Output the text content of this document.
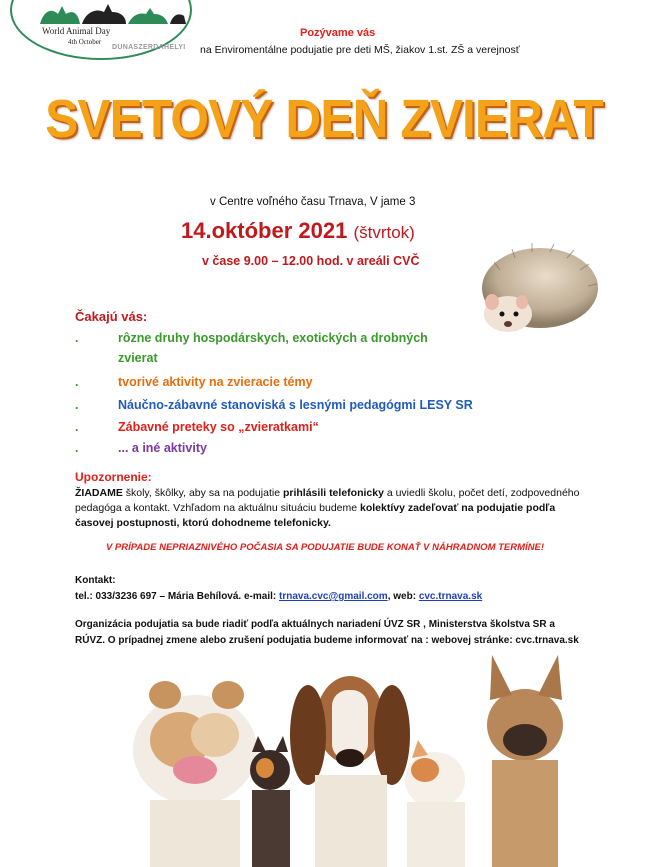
World Animal Day
4th October
DUNASZERDAHELYI
Pozývame vás
na Enviromentálne podujatie pre deti MŠ, žiakov 1.st. ZŠ a verejnosť
SVETOVÝ DEŇ ZVIERAT
v Centre voľného času Trnava, V jame 3
14.október 2021 (štvrtok)
v čase 9.00 – 12.00 hod. v areáli CVČ
Čakajú vás:
.	rôzne druhy hospodárskych, exotických a drobných
zvierat
.	tvorivé aktivity na zvieracie témy
.	Náučno-zábavné stanoviská s lesnými pedagógmi LESY SR
.	Zábavné preteky so „zvieratkami“
.	... a iné aktivity
Upozornenie:
ŽIADAME školy, škôlky, aby sa na podujatie prihlásili telefonicky a uviedli školu, počet detí, zodpovedného pedagóga a kontakt. Vzhľadom na aktuálnu situáciu budeme kolektívy zadeľovať na podujatie podľa časovej postupnosti, ktorú dohodneme telefonicky.
V PRÍPADE NEPRIAZNIVÉHO POČASIA SA PODUJATIE BUDE KONAŤ V NÁHRADNOM TERMÍNE!
Kontakt:
tel.: 033/3236 697 – Mária Behílová. e-mail: trnava.cvc@gmail.com, web: cvc.trnava.sk
Organizácia podujatia sa bude riadiť podľa aktuálnych nariadení ÚVZ SR , Ministerstva školstva SR a RÚVZ. O prípadnej zmene alebo zrušení podujatia budeme informovať na : webovej stránke: cvc.trnava.sk
